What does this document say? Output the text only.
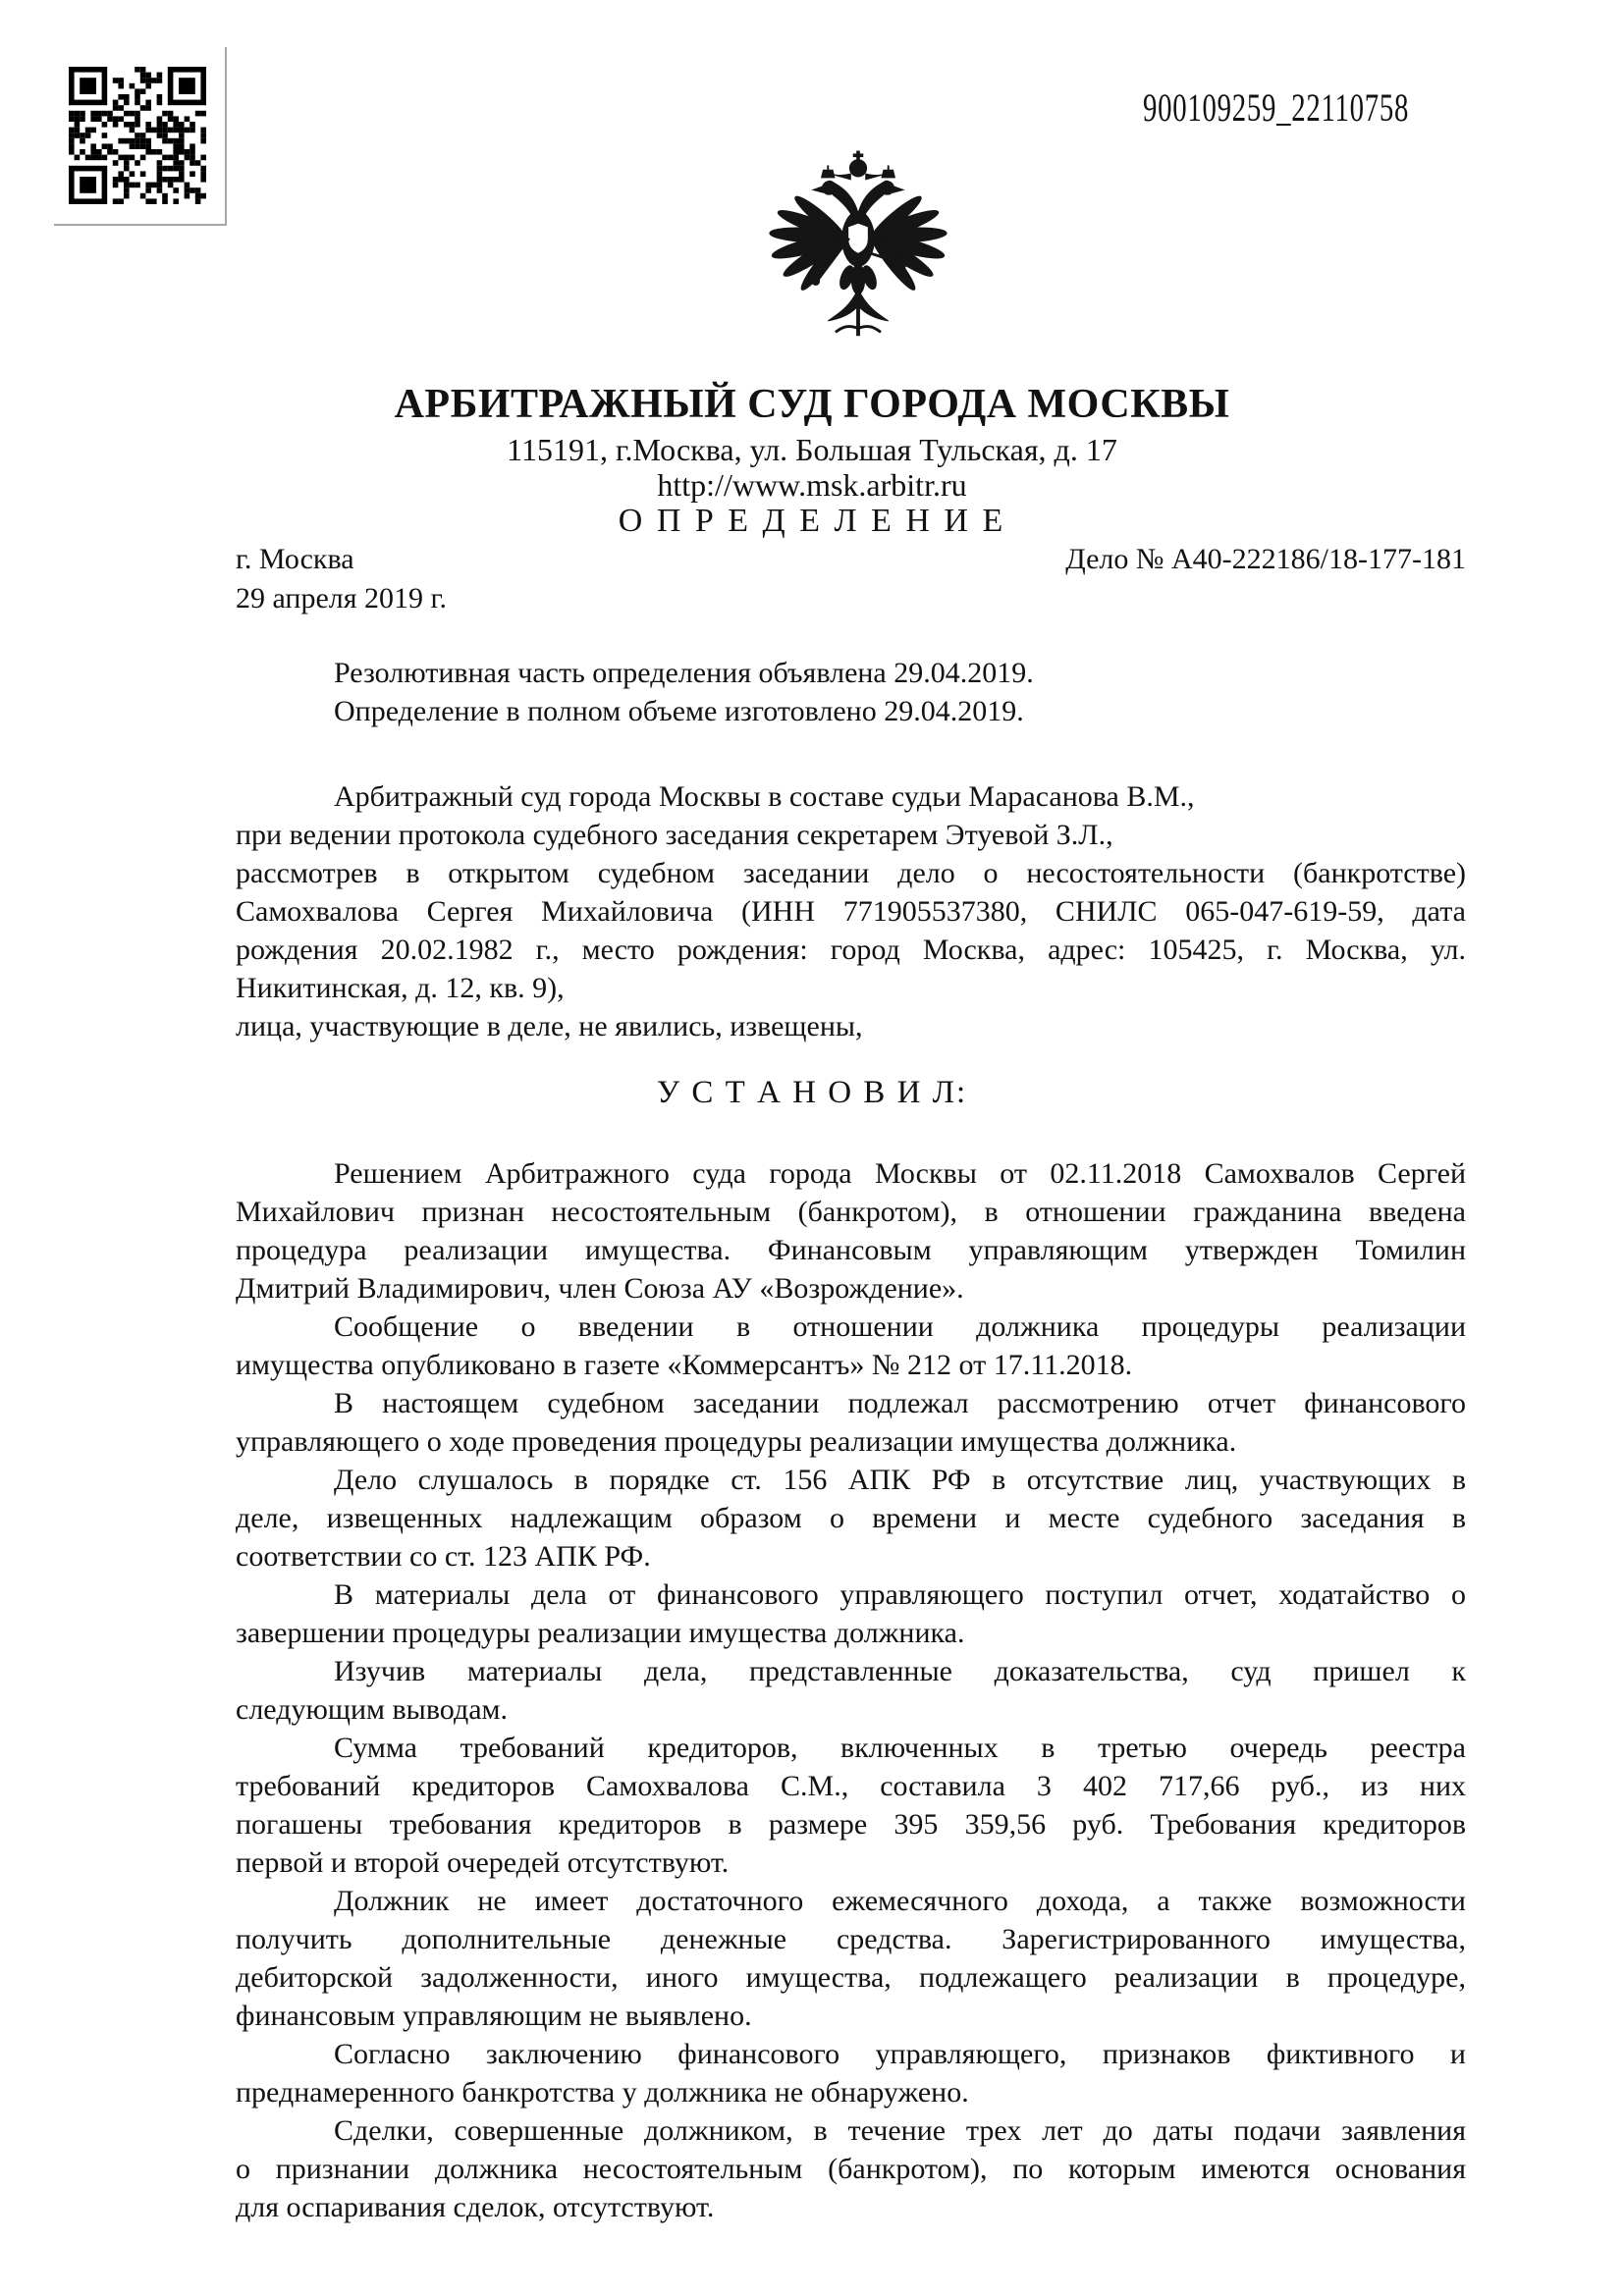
900109259_22110758
АРБИТРАЖНЫЙ СУД ГОРОДА МОСКВЫ
115191, г.Москва, ул. Большая Тульская, д. 17
http://www.msk.arbitr.ru
О П Р Е Д Е Л Е Н И Е
г. Москва	Дело № А40-222186/18-177-181
29 апреля 2019 г.
Резолютивная часть определения объявлена 29.04.2019.
Определение в полном объеме изготовлено 29.04.2019.
Арбитражный суд города Москвы в составе судьи Марасанова В.М.,
при ведении протокола судебного заседания секретарем Этуевой З.Л.,
рассмотрев в открытом судебном заседании дело о несостоятельности (банкротстве)
Самохвалова Сергея Михайловича (ИНН 771905537380, СНИЛС 065-047-619-59, дата
рождения 20.02.1982 г., место рождения: город Москва, адрес: 105425, г. Москва, ул.
Никитинская, д. 12, кв. 9),
лица, участвующие в деле, не явились, извещены,
У С Т А Н О В И Л:
Решением Арбитражного суда города Москвы от 02.11.2018 Самохвалов Сергей
Михайлович признан несостоятельным (банкротом), в отношении гражданина введена
процедура реализации имущества. Финансовым управляющим утвержден Томилин
Дмитрий Владимирович, член Союза АУ «Возрождение».
Сообщение о введении в отношении должника процедуры реализации
имущества опубликовано в газете «Коммерсантъ» № 212 от 17.11.2018.
В настоящем судебном заседании подлежал рассмотрению отчет финансового
управляющего о ходе проведения процедуры реализации имущества должника.
Дело слушалось в порядке ст. 156 АПК РФ в отсутствие лиц, участвующих в
деле, извещенных надлежащим образом о времени и месте судебного заседания в
соответствии со ст. 123 АПК РФ.
В материалы дела от финансового управляющего поступил отчет, ходатайство о
завершении процедуры реализации имущества должника.
Изучив материалы дела, представленные доказательства, суд пришел к
следующим выводам.
Сумма требований кредиторов, включенных в третью очередь реестра
требований кредиторов Самохвалова С.М., составила 3 402 717,66 руб., из них
погашены требования кредиторов в размере 395 359,56 руб. Требования кредиторов
первой и второй очередей отсутствуют.
Должник не имеет достаточного ежемесячного дохода, а также возможности
получить дополнительные денежные средства. Зарегистрированного имущества,
дебиторской задолженности, иного имущества, подлежащего реализации в процедуре,
финансовым управляющим не выявлено.
Согласно заключению финансового управляющего, признаков фиктивного и
преднамеренного банкротства у должника не обнаружено.
Сделки, совершенные должником, в течение трех лет до даты подачи заявления
о признании должника несостоятельным (банкротом), по которым имеются основания
для оспаривания сделок, отсутствуют.
